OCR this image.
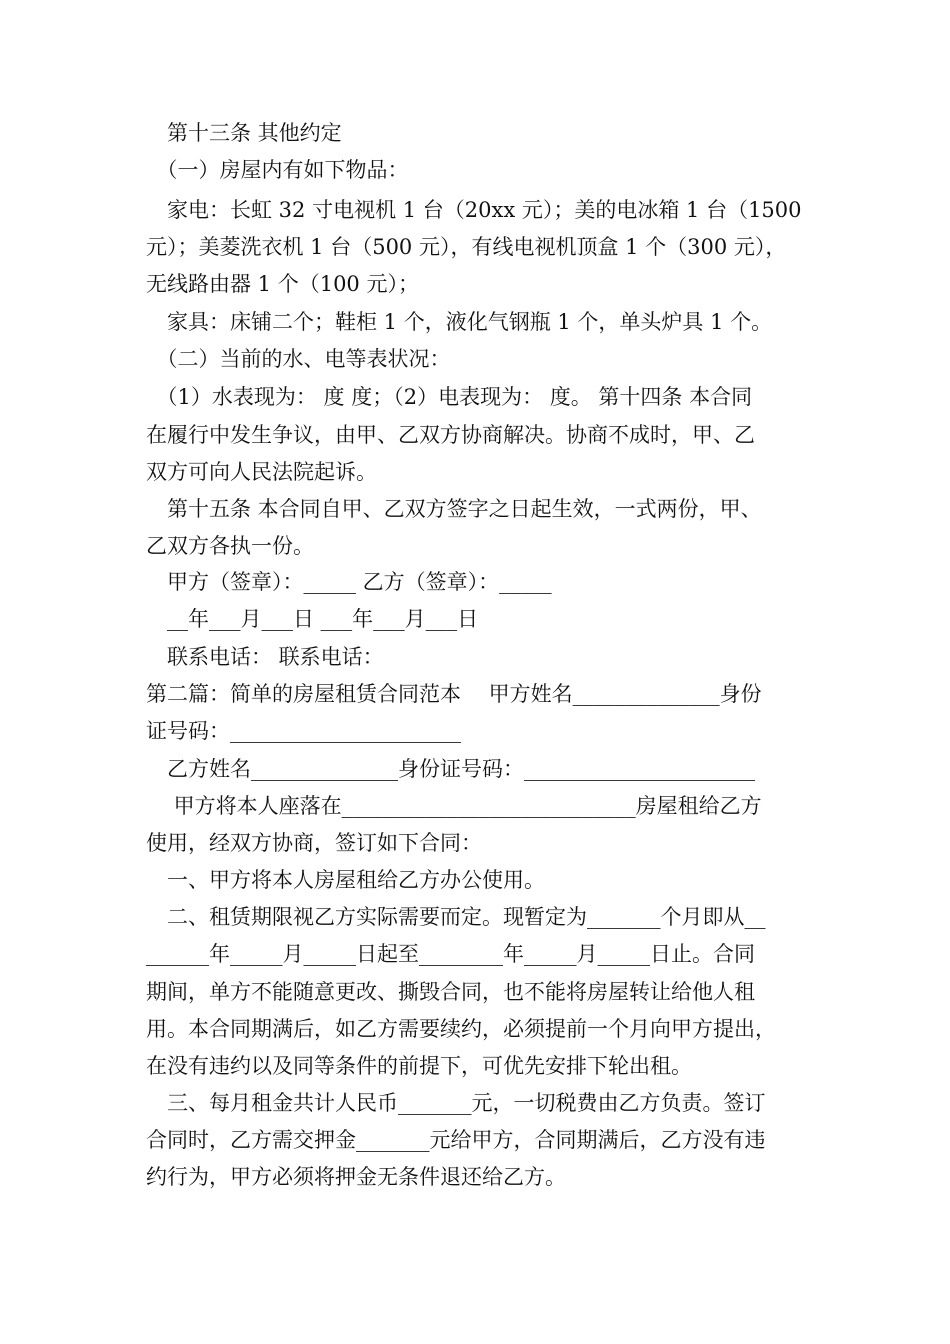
　第十三条 其他约定
　（一）房屋内有如下物品：
　家电：长虹 32 寸电视机 1 台（20xx 元）；美的电冰箱 1 台（1500
元）；美菱洗衣机 1 台（500 元），有线电视机顶盒 1 个（300 元），
无线路由器 1 个（100 元）；
　家具：床铺二个；鞋柜 1 个，液化气钢瓶 1 个，单头炉具 1 个。
　（二）当前的水、电等表状况：
　（1）水表现为： 度 度；（2）电表现为： 度。 第十四条 本合同
在履行中发生争议，由甲、乙双方协商解决。协商不成时，甲、乙
双方可向人民法院起诉。
　第十五条 本合同自甲、乙双方签字之日起生效，一式两份，甲、
乙双方各执一份。
　甲方（签章）：_____ 乙方（签章）：_____
　__年___月___日 ___年___月___日
　联系电话： 联系电话：
第二篇：简单的房屋租赁合同范本　 甲方姓名______________身份
证号码：______________________
　乙方姓名______________身份证号码：______________________
　 甲方将本人座落在____________________________房屋租给乙方
使用，经双方协商，签订如下合同：
　一、甲方将本人房屋租给乙方办公使用。
　二、租赁期限视乙方实际需要而定。现暂定为_______个月即从__
______年_____月_____日起至________年_____月_____日止。合同
期间，单方不能随意更改、撕毁合同，也不能将房屋转让给他人租
用。本合同期满后，如乙方需要续约，必须提前一个月向甲方提出，
在没有违约以及同等条件的前提下，可优先安排下轮出租。
　三、每月租金共计人民币_______元，一切税费由乙方负责。签订
合同时，乙方需交押金_______元给甲方，合同期满后，乙方没有违
约行为，甲方必须将押金无条件退还给乙方。
